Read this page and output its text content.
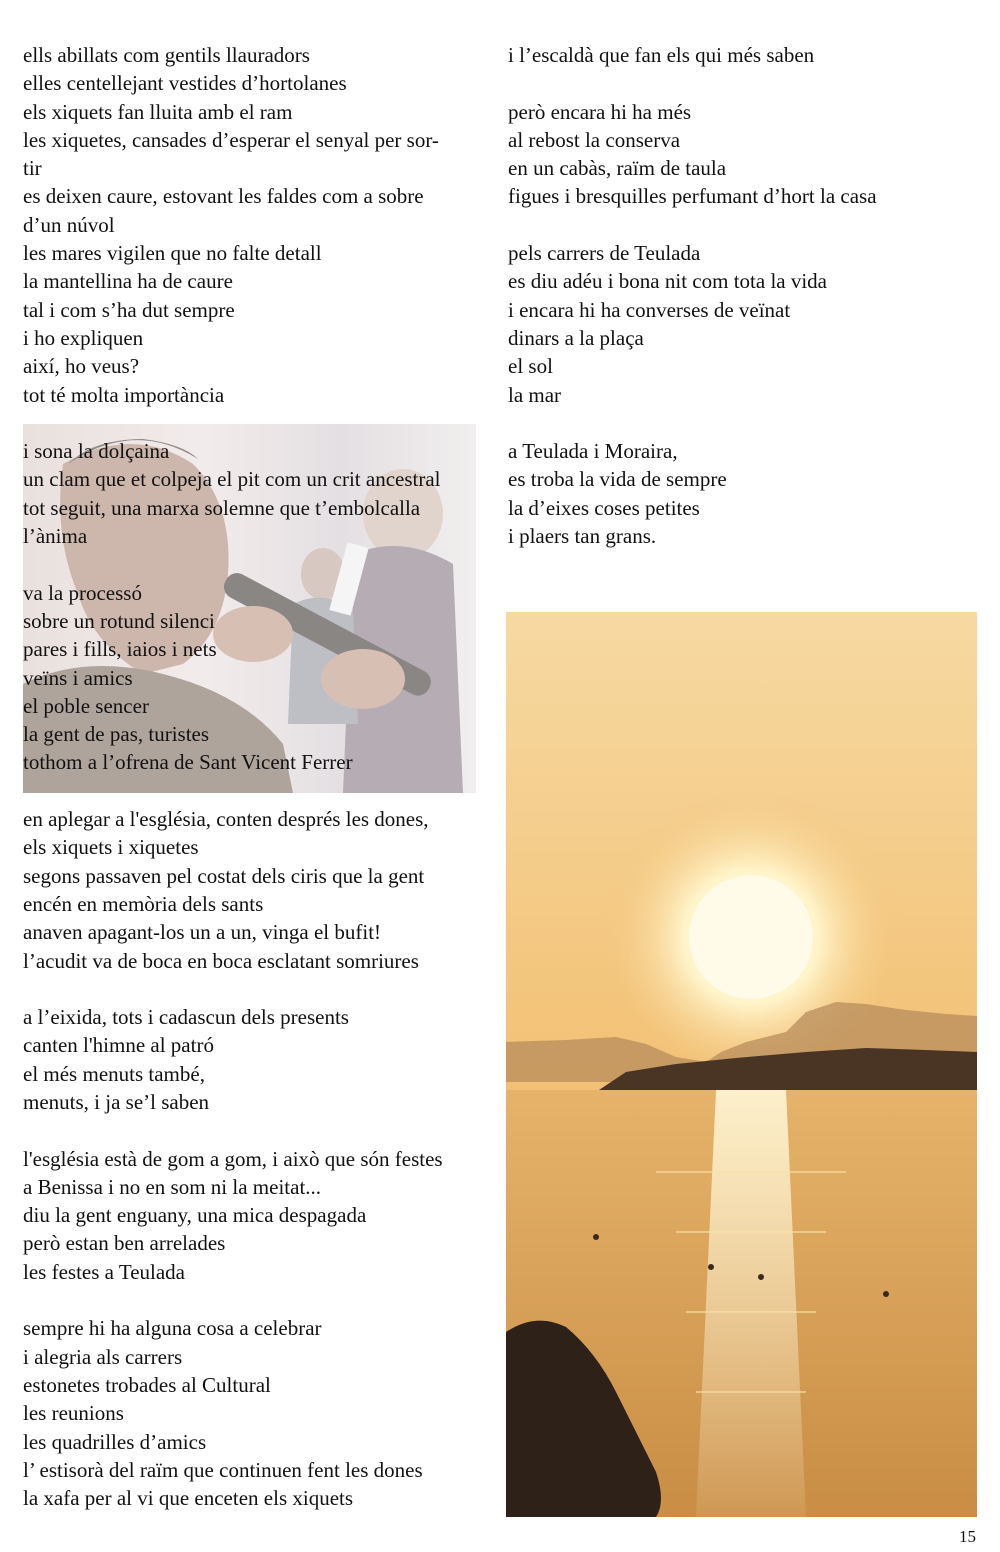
ells abillats com gentils llauradors
elles centellejant vestides d’hortolanes
els xiquets fan lluita amb el ram
les xiquetes, cansades d’esperar el senyal per sor-
tir
es deixen caure, estovant les faldes com a sobre
d’un núvol
les mares vigilen que no falte detall
la mantellina ha de caure
tal i com s’ha dut sempre
i ho expliquen
així, ho veus?
tot té molta importància

i sona la dolçaina
un clam que et colpeja el pit com un crit ancestral
tot seguit, una marxa solemne que t’embolcalla
l’ànima

va la processó
sobre un rotund silenci
pares i fills, iaios i nets
veïns i amics
el poble sencer
la gent de pas, turistes
tothom a l’ofrena de Sant Vicent Ferrer

en aplegar a l'església, conten després les dones,
els xiquets i xiquetes
segons passaven pel costat dels ciris que la gent
encén en memòria dels sants
anaven apagant-los un a un, vinga el bufit!
l’acudit va de boca en boca esclatant somriures

a l’eixida, tots i cadascun dels presents
canten l'himne al patró
el més menuts també,
menuts, i ja se’l saben

l'església està de gom a gom, i això que són festes
a Benissa i no en som ni la meitat...
diu la gent enguany, una mica despagada
però estan ben arrelades
les festes a Teulada

sempre hi ha alguna cosa a celebrar
i alegria als carrers
estonetes trobades al Cultural
les reunions
les quadrilles d’amics
l’ estisorà del raïm que continuen fent les dones
la xafa per al vi que enceten els xiquets
i l’escaldà que fan els qui més saben

però encara hi ha més
al rebost la conserva
en un cabàs, raïm de taula
figues i bresquilles perfumant d’hort la casa

pels carrers de Teulada
es diu adéu i bona nit com tota la vida
i encara hi ha converses de veïnat
dinars a la plaça
el sol
la mar

a Teulada i Moraira,
es troba la vida de sempre
la d’eixes coses petites
i plaers tan grans.
15
